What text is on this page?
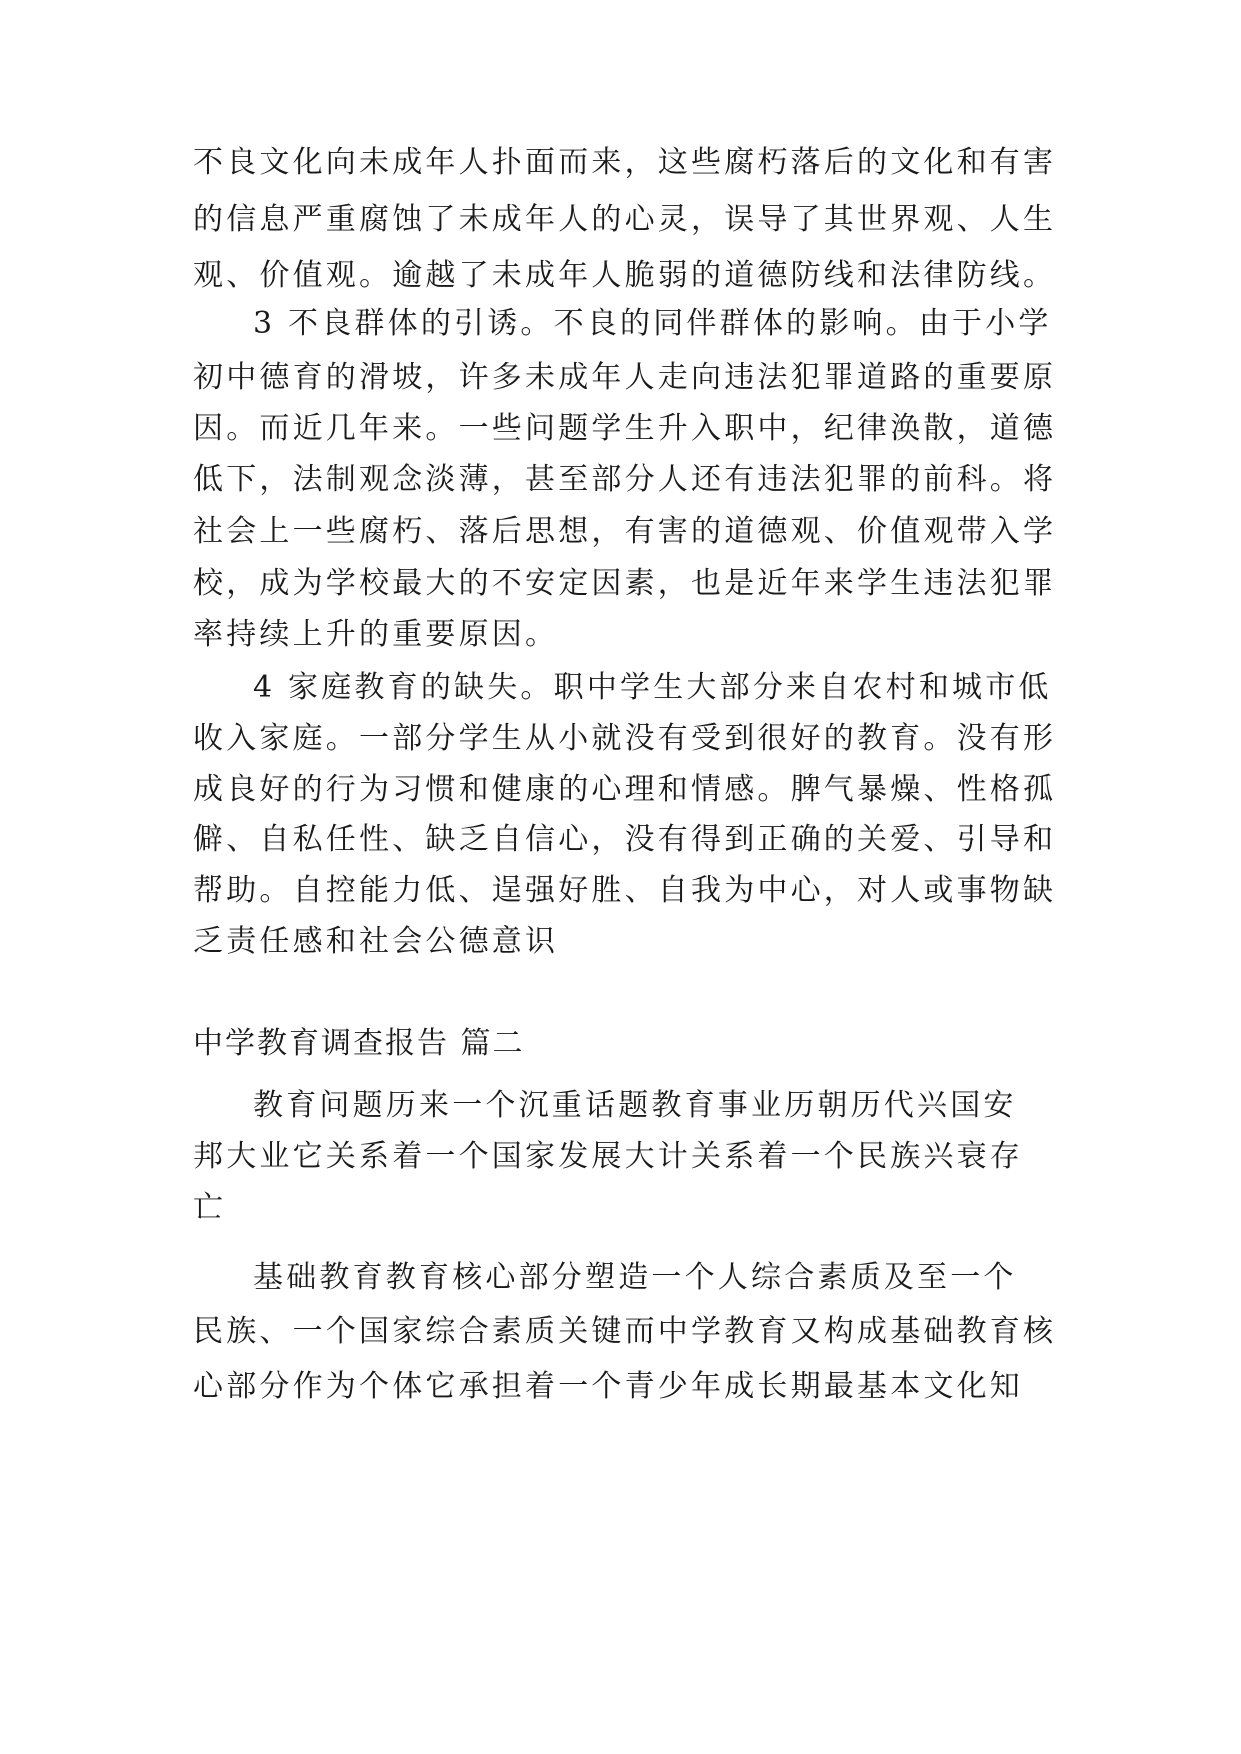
不良文化向未成年人扑面而来，这些腐朽落后的文化和有害
的信息严重腐蚀了未成年人的心灵，误导了其世界观、人生
观、价值观。逾越了未成年人脆弱的道德防线和法律防线。
3 不良群体的引诱。不良的同伴群体的影响。由于小学
初中德育的滑坡，许多未成年人走向违法犯罪道路的重要原
因。而近几年来。一些问题学生升入职中，纪律涣散，道德
低下，法制观念淡薄，甚至部分人还有违法犯罪的前科。将
社会上一些腐朽、落后思想，有害的道德观、价值观带入学
校，成为学校最大的不安定因素，也是近年来学生违法犯罪
率持续上升的重要原因。
4 家庭教育的缺失。职中学生大部分来自农村和城市低
收入家庭。一部分学生从小就没有受到很好的教育。没有形
成良好的行为习惯和健康的心理和情感。脾气暴燥、性格孤
僻、自私任性、缺乏自信心，没有得到正确的关爱、引导和
帮助。自控能力低、逞强好胜、自我为中心，对人或事物缺
乏责任感和社会公德意识
中学教育调查报告 篇二
教育问题历来一个沉重话题教育事业历朝历代兴国安
邦大业它关系着一个国家发展大计关系着一个民族兴衰存
亡
基础教育教育核心部分塑造一个人综合素质及至一个
民族、一个国家综合素质关键而中学教育又构成基础教育核
心部分作为个体它承担着一个青少年成长期最基本文化知
